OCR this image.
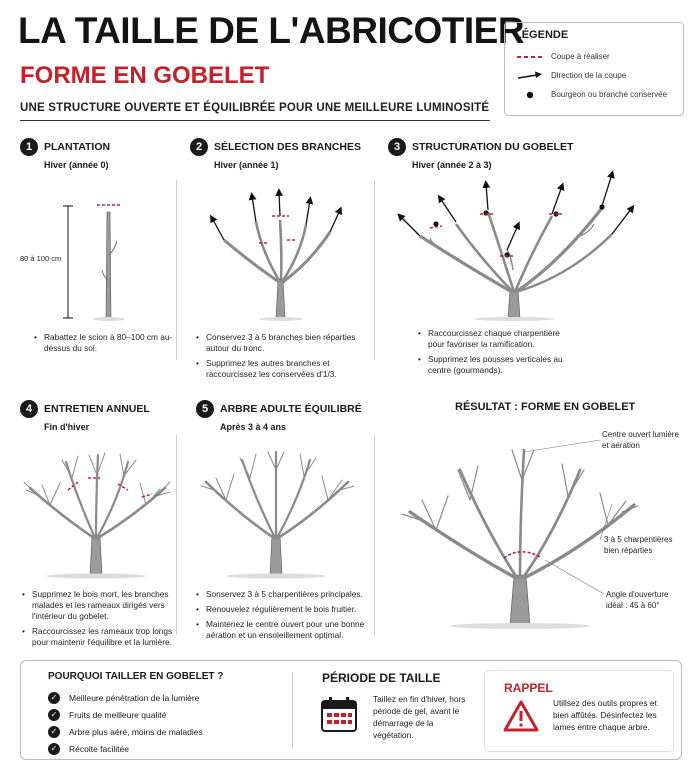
LA TAILLE DE L'ABRICOTIER
FORME EN GOBELET
UNE STRUCTURE OUVERTE ET ÉQUILIBRÉE POUR UNE MEILLEURE LUMINOSITÉ
LÉGENDE
Coupe à réaliser
Direction de la coupe
Bourgeon ou branche conservée
1	PLANTATION
Hiver (année 0)
80 à 100 cm
• Rabattez le scion à 80–100 cm au-dessus du sol.
2	SÉLECTION DES BRANCHES
Hiver (année 1)
• Conservez 3 à 5 branches bien réparties autour du tronc.
• Supprimez les autres branches et raccourcissez les conservées d'1/3.
3	STRUCTURATION DU GOBELET
Hiver (année 2 à 3)
• Raccourcissez chaque charpentière pour favoriser la ramification.
• Supprimez les pousses verticales au centre (gourmands).
4	ENTRETIEN ANNUEL
Fin d'hiver
• Supprimez le bois mort, les branches malades et les rameaux dirigés vers l'intérieur du gobelet.
• Raccourcissez les rameaux trop longs pour maintenir l'équilibre et la lumière.
5	ARBRE ADULTE ÉQUILIBRÉ
Après 3 à 4 ans
• Sonservez 3 à 5 charpentières principales.
• Renouvelez régulièrement le bois fruitier.
• Maintenez le centre ouvert pour une bonne aération et un ensoleillement optimal.
RÉSULTAT : FORME EN GOBELET
Centre ouvert lumière et aération
3 à 5 charpentières bien réparties
Angle d'ouverture idéal : 45 à 60°
POURQUOI TAILLER EN GOBELET ?
✓	Meilleure pénétration de la lumière
✓	Fruits de meilleure qualité
✓	Arbre plus aéré, moins de maladies
✓	Récolte facilitée
PÉRIODE DE TAILLE
Taillez en fin d'hiver, hors période de gel, avant le démarrage de la végétation.
RAPPEL
Utillsez des outils propres et bien affûtés. Désinfectez les lames entre chaque arbre.
